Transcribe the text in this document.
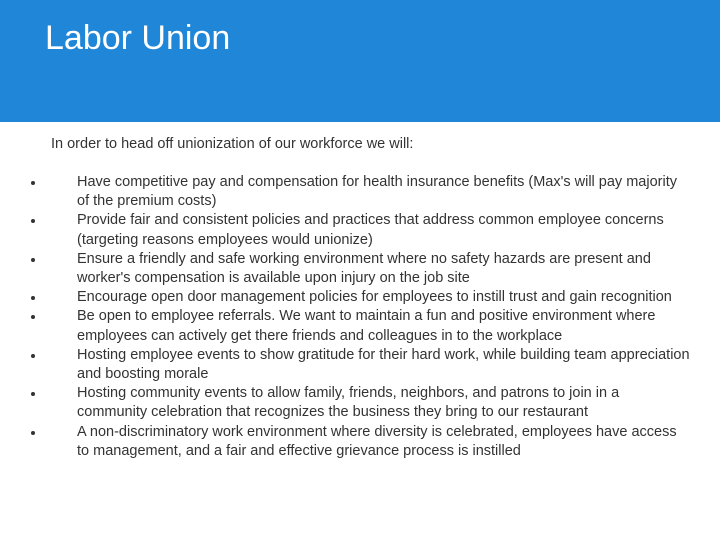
Labor Union

In order to head off unionization of our workforce we will:

Have competitive pay and compensation for health insurance benefits (Max's will pay majority of the premium costs)
Provide fair and consistent policies and practices that address common employee concerns (targeting reasons employees would unionize)
Ensure a friendly and safe working environment where no safety hazards are present and worker's compensation is available upon injury on the job site
Encourage open door management policies for employees to instill trust and gain recognition
Be open to employee referrals. We want to maintain a fun and positive environment where employees can actively get there friends and colleagues in to the workplace
Hosting employee events to show gratitude for their hard work, while building team appreciation and boosting morale
Hosting community events to allow family, friends, neighbors, and patrons to join in a community celebration that recognizes the business they bring to our restaurant
A non-discriminatory work environment where diversity is celebrated, employees have access to management, and a fair and effective grievance process is instilled
